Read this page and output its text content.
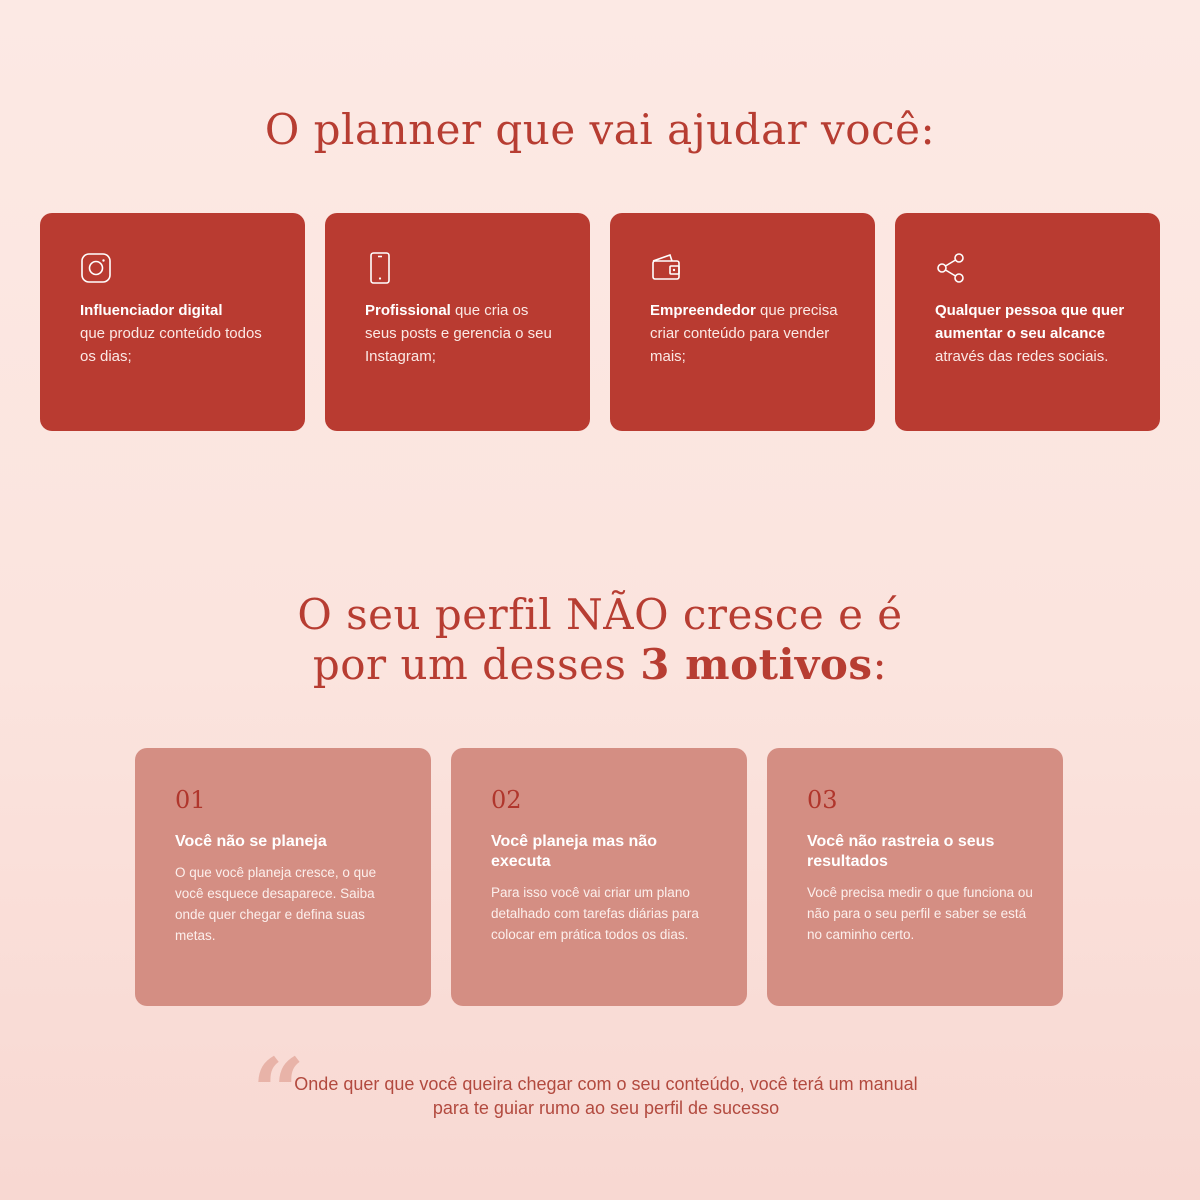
O planner que vai ajudar você:

Influenciador digital
que produz conteúdo todos os dias;

Profissional que cria os seus posts e gerencia o seu Instagram;

Empreendedor que precisa criar conteúdo para vender mais;

Qualquer pessoa que quer aumentar o seu alcance através das redes sociais.

O seu perfil NÃO cresce e é
por um desses 3 motivos:
01
Você não se planeja
O que você planeja cresce, o que você esquece desaparece. Saiba onde quer chegar e defina suas metas.
02
Você planeja mas não executa
Para isso você vai criar um plano detalhado com tarefas diárias para colocar em prática todos os dias.
03
Você não rastreia o seus resultados
Você precisa medir o que funciona ou não para o seu perfil e saber se está no caminho certo.
“

Onde quer que você queira chegar com o seu conteúdo, você terá um manual para te guiar rumo ao seu perfil de sucesso
